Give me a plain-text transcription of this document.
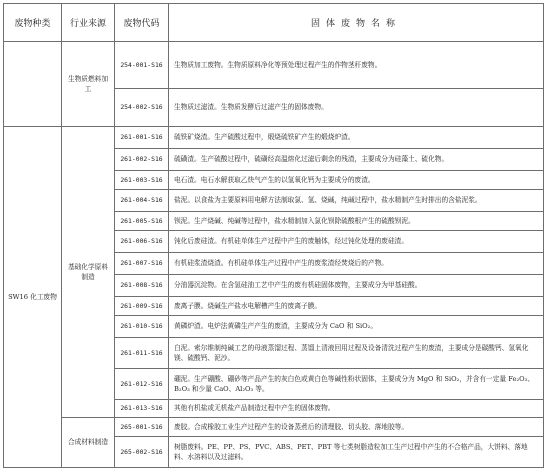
废物种类	行业来源	废物代码	固体废物名称
	生物质燃料加工	254-001-S16	生物质加工废物。生物质原料净化等预处理过程产生的作物茎秆废物。
		254-002-S16	生物质过滤渣。生物质发酵后过滤产生的固体废物。
SW16 化工废物	基础化学原料制造	261-001-S16	硫铁矿烧渣。生产硫酸过程中，煅烧硫铁矿产生的煅烧炉渣。
		261-002-S16	硫磺渣。生产硫酸过程中，硫磺经高温熔化过滤后剩余的残渣，主要成分为硅藻土、硫化物。
		261-003-S16	电石渣。电石水解获取乙炔气产生的以氢氧化钙为主要成分的废渣。
		261-004-S16	盐泥。以食盐为主要原料用电解方法制取氯、氢、烧碱，纯碱过程中，盐水精制产生时排出的含盐泥浆。
		261-005-S16	钡泥。生产烧碱、纯碱等过程中，盐水精制加入氯化钡除硫酸根产生的硫酸钡泥。
		261-006-S16	钝化后废硅渣。有机硅单体生产过程中产生的废触体，经过钝化处理的废硅渣。
		261-007-S16	有机硅浆渣烧渣。有机硅单体生产过程中产生的废浆渣经焚烧后的产物。
		261-008-S16	分油器沉淀物。在含氢硅油工艺中产生的废有机硅固体废物，主要成分为甲基硅酸。
		261-009-S16	废离子膜。烧碱生产盐水电解槽产生的废离子膜。
		261-010-S16	黄磷炉渣。电炉法黄磷生产产生的废渣，主要成分为 CaO 和 SiO₂。
		261-011-S16	白泥。索尔维制纯碱工艺的母液蒸馏过程、蒸馏上清液回用过程及设备清洗过程产生的废渣，主要成分是碳酸钙、氢氧化镁、硫酸钙、泥沙。
		261-012-S16	硼泥。生产硼酸、硼砂等产品产生的灰白色或黄白色等碱性粉状固体，主要成分为 MgO 和 SiO₂，并含有一定量 Fe₂O₃、B₂O₃ 和少量 CaO、Al₂O₃ 等。
		261-013-S16	其他有机盐或无机盐产品制造过程中产生的固体废物。
	合成材料制造	265-001-S16	废胶。合成橡胶工业生产过程产生的设备蒸煮后的清理胶、切头胶、落地胶等。
		265-002-S16	树脂废料。PE、PP、PS、PVC、ABS、PET、PBT 等七类树脂造粒加工生产过程中产生的不合格产品，大饼料、落地料、水溶料以及过滤料。
